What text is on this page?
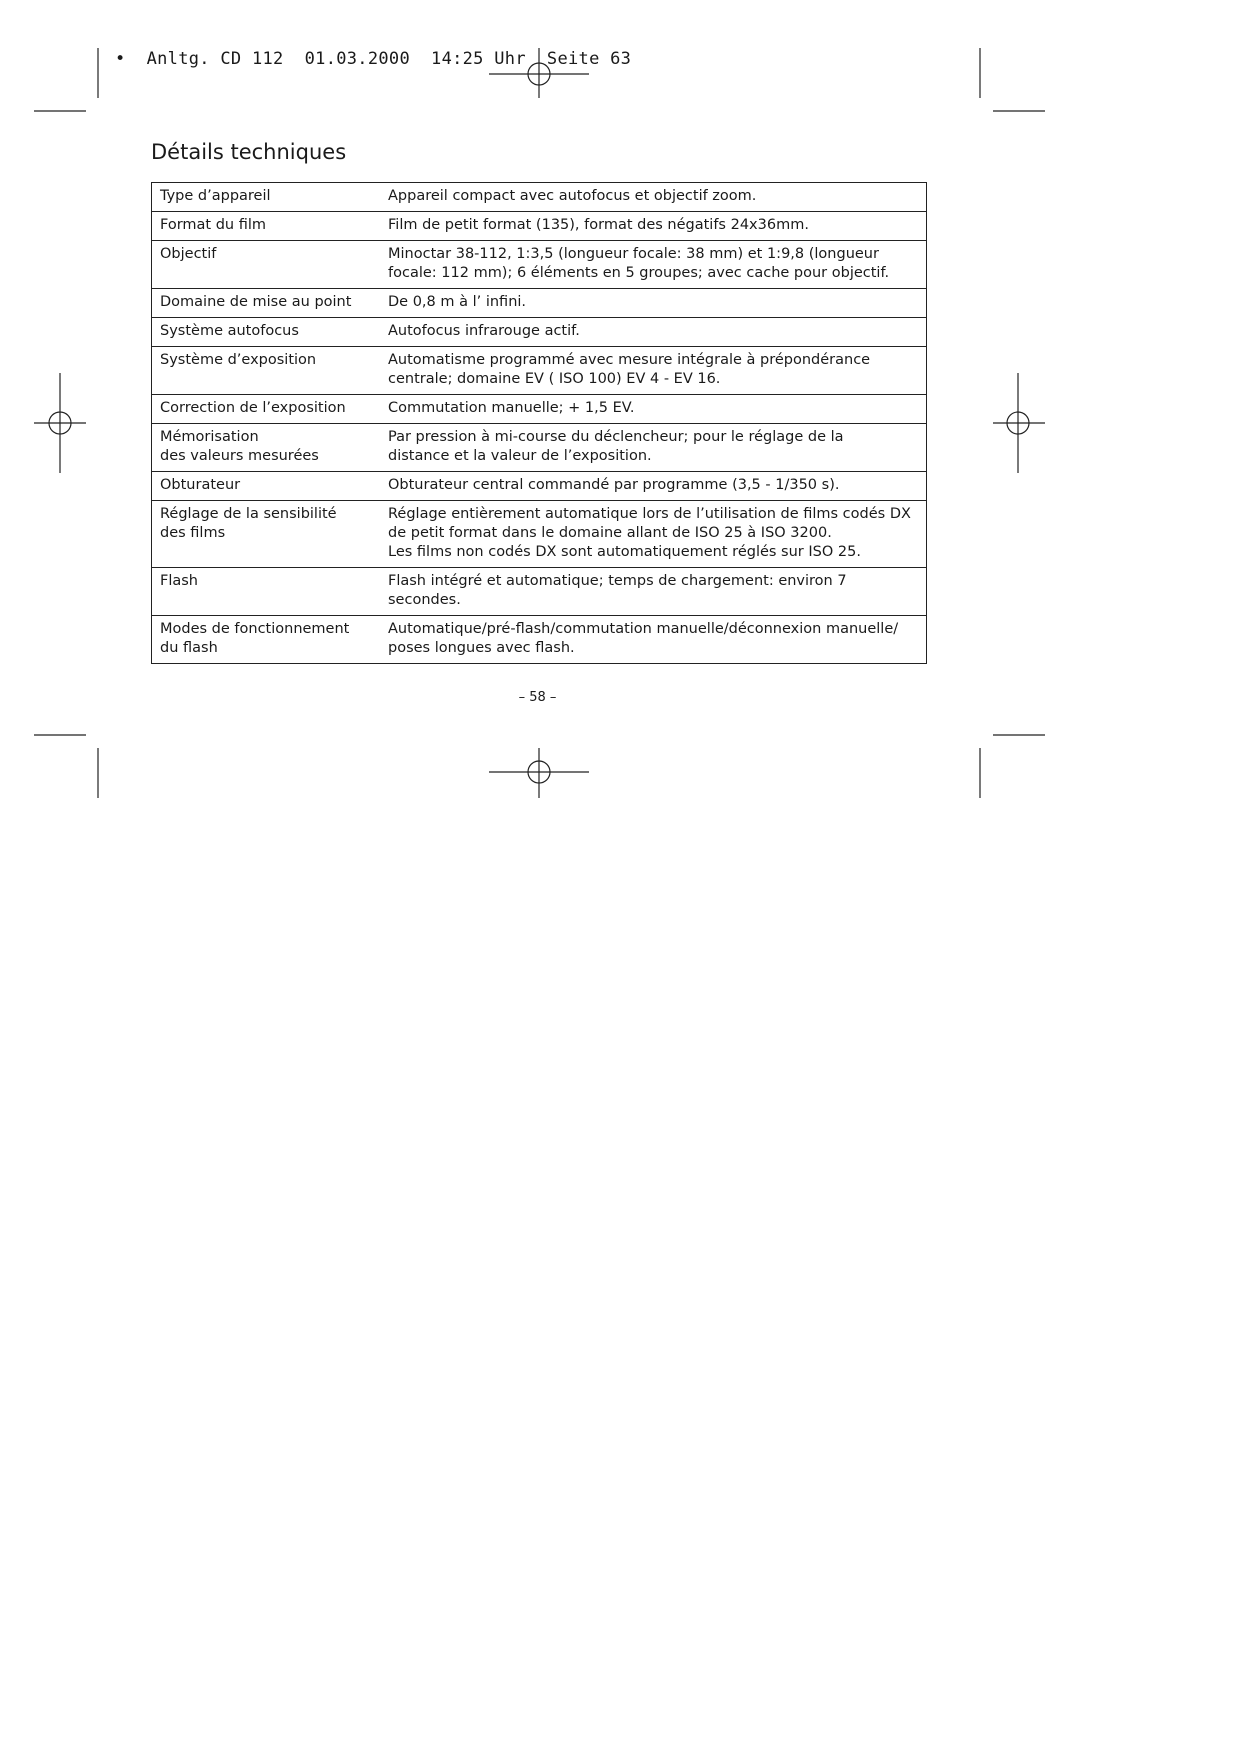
•  Anltg. CD 112  01.03.2000  14:25 Uhr  Seite 63
Détails techniques
Type d’appareil	Appareil compact avec autofocus et objectif zoom.
Format du film	Film de petit format (135), format des négatifs 24x36mm.
Objectif	Minoctar 38-112, 1:3,5 (longueur focale: 38 mm) et 1:9,8 (longueur
focale: 112 mm); 6 éléments en 5 groupes; avec cache pour objectif.
Domaine de mise au point	De 0,8 m à l’ infini.
Système autofocus	Autofocus infrarouge actif.
Système d’exposition	Automatisme programmé avec mesure intégrale à prépondérance
centrale; domaine EV ( ISO 100) EV 4 - EV 16.
Correction de l’exposition	Commutation manuelle; + 1,5 EV.
Mémorisation
des valeurs mesurées	Par pression à mi-course du déclencheur; pour le réglage de la
distance et la valeur de l’exposition.
Obturateur	Obturateur central commandé par programme (3,5 - 1/350 s).
Réglage de la sensibilité
des films	Réglage entièrement automatique lors de l’utilisation de films codés DX
de petit format dans le domaine allant de ISO 25 à ISO 3200.
Les films non codés DX sont automatiquement réglés sur ISO 25.
Flash	Flash intégré et automatique; temps de chargement: environ 7 secondes.
Modes de fonctionnement
du flash	Automatique/pré-flash/commutation manuelle/déconnexion manuelle/
poses longues avec flash.
– 58 –
